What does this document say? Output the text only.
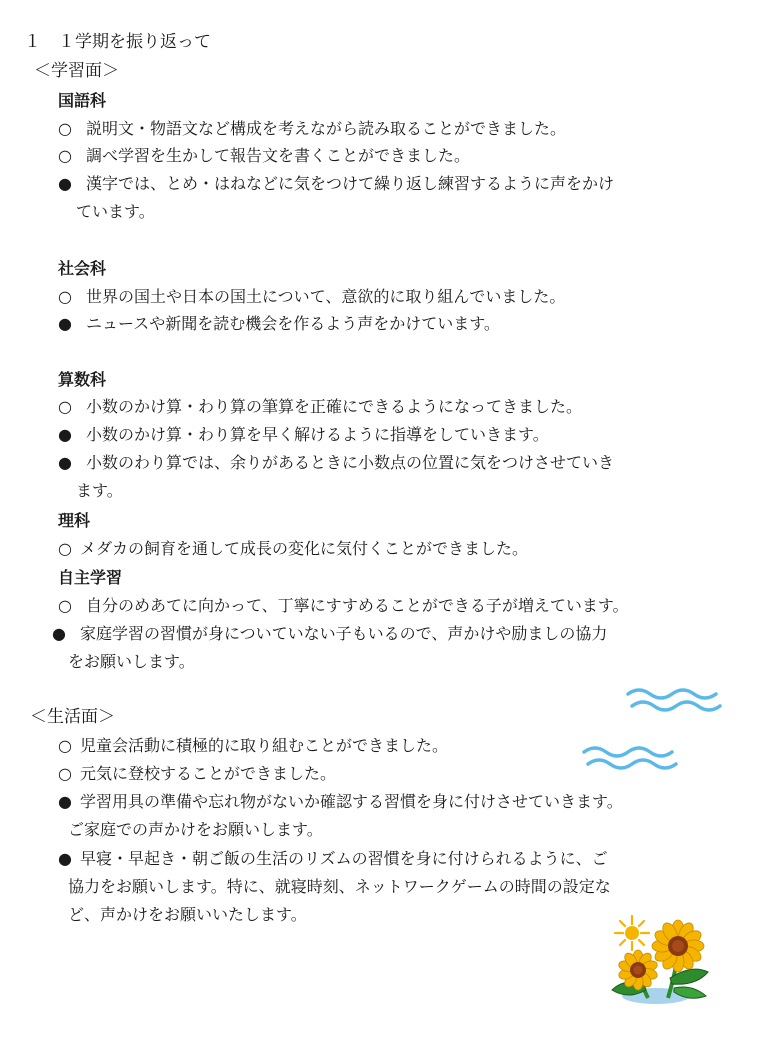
１　１学期を振り返って
＜学習面＞
国語科
○ 説明文・物語文など構成を考えながら読み取ることができました。
○ 調べ学習を生かして報告文を書くことができました。
● 漢字では、とめ・はねなどに気をつけて繰り返し練習するように声をかけ
ています。
社会科
○ 世界の国土や日本の国土について、意欲的に取り組んでいました。
● ニュースや新聞を読む機会を作るよう声をかけています。
算数科
○ 小数のかけ算・わり算の筆算を正確にできるようになってきました。
● 小数のかけ算・わり算を早く解けるように指導をしていきます。
● 小数のわり算では、余りがあるときに小数点の位置に気をつけさせていき
ます。
理科
○ メダカの飼育を通して成長の変化に気付くことができました。
自主学習
○ 自分のめあてに向かって、丁寧にすすめることができる子が増えています。
● 家庭学習の習慣が身についていない子もいるので、声かけや励ましの協力
をお願いします。
＜生活面＞
○ 児童会活動に積極的に取り組むことができました。
○ 元気に登校することができました。
● 学習用具の準備や忘れ物がないか確認する習慣を身に付けさせていきます。
ご家庭での声かけをお願いします。
● 早寝・早起き・朝ご飯の生活のリズムの習慣を身に付けられるように、ご
協力をお願いします。特に、就寝時刻、ネットワークゲームの時間の設定な
ど、声かけをお願いいたします。
